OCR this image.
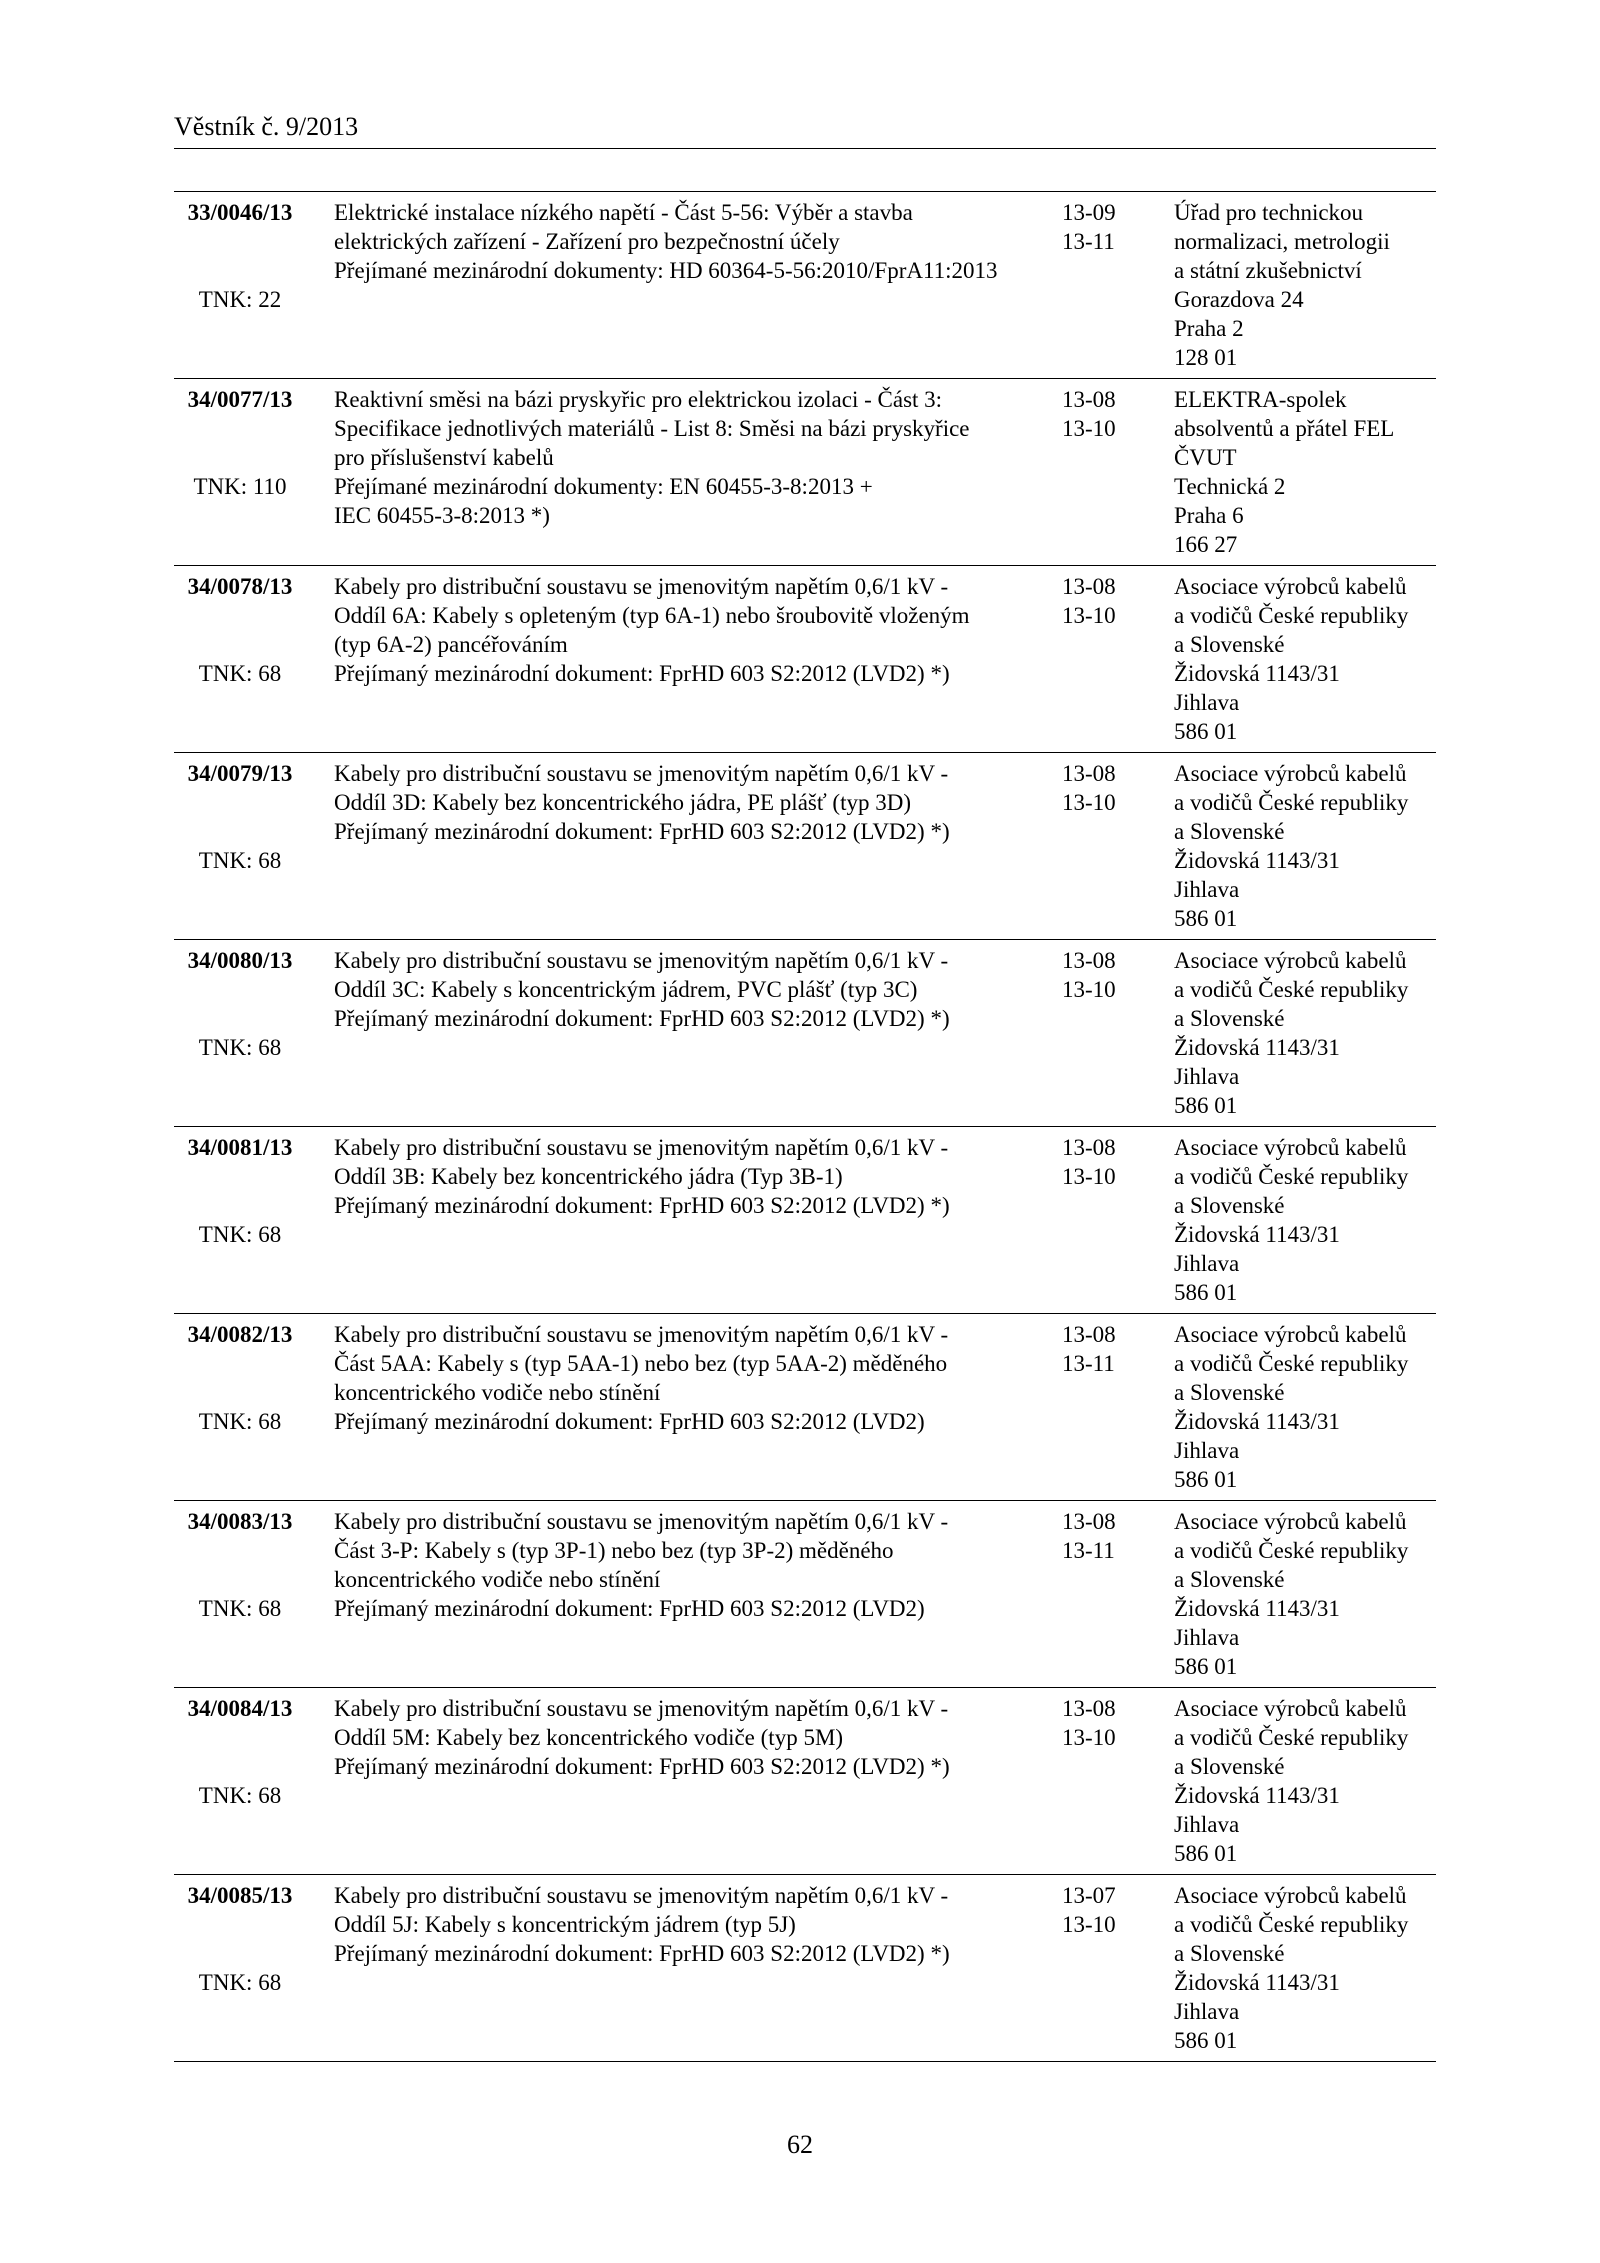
Věstník č. 9/2013
33/0046/13
TNK: 22
Elektrické instalace nízkého napětí - Část 5-56: Výběr a stavba
elektrických zařízení - Zařízení pro bezpečnostní účely
Přejímané mezinárodní dokumenty: HD 60364-5-56:2010/FprA11:2013
13-09
13-11
Úřad pro technickou
normalizaci, metrologii
a státní zkušebnictví
Gorazdova 24
Praha 2
128 01
34/0077/13
TNK: 110
Reaktivní směsi na bázi pryskyřic pro elektrickou izolaci - Část 3:
Specifikace jednotlivých materiálů - List 8: Směsi na bázi pryskyřice
pro příslušenství kabelů
Přejímané mezinárodní dokumenty: EN 60455-3-8:2013 +
IEC 60455-3-8:2013 *)
13-08
13-10
ELEKTRA-spolek
absolventů a přátel FEL
ČVUT
Technická 2
Praha 6
166 27
34/0078/13
TNK: 68
Kabely pro distribuční soustavu se jmenovitým napětím 0,6/1 kV -
Oddíl 6A: Kabely s opleteným (typ 6A-1) nebo šroubovitě vloženým
(typ 6A-2) pancéřováním
Přejímaný mezinárodní dokument: FprHD 603 S2:2012 (LVD2) *)
13-08
13-10
Asociace výrobců kabelů
a vodičů České republiky
a Slovenské
Židovská 1143/31
Jihlava
586 01
34/0079/13
TNK: 68
Kabely pro distribuční soustavu se jmenovitým napětím 0,6/1 kV -
Oddíl 3D: Kabely bez koncentrického jádra, PE plášť (typ 3D)
Přejímaný mezinárodní dokument: FprHD 603 S2:2012 (LVD2) *)
13-08
13-10
Asociace výrobců kabelů
a vodičů České republiky
a Slovenské
Židovská 1143/31
Jihlava
586 01
34/0080/13
TNK: 68
Kabely pro distribuční soustavu se jmenovitým napětím 0,6/1 kV -
Oddíl 3C: Kabely s koncentrickým jádrem, PVC plášť (typ 3C)
Přejímaný mezinárodní dokument: FprHD 603 S2:2012 (LVD2) *)
13-08
13-10
Asociace výrobců kabelů
a vodičů České republiky
a Slovenské
Židovská 1143/31
Jihlava
586 01
34/0081/13
TNK: 68
Kabely pro distribuční soustavu se jmenovitým napětím 0,6/1 kV -
Oddíl 3B: Kabely bez koncentrického jádra (Typ 3B-1)
Přejímaný mezinárodní dokument: FprHD 603 S2:2012 (LVD2) *)
13-08
13-10
Asociace výrobců kabelů
a vodičů České republiky
a Slovenské
Židovská 1143/31
Jihlava
586 01
34/0082/13
TNK: 68
Kabely pro distribuční soustavu se jmenovitým napětím 0,6/1 kV -
Část 5AA: Kabely s (typ 5AA-1) nebo bez (typ 5AA-2) měděného
koncentrického vodiče nebo stínění
Přejímaný mezinárodní dokument: FprHD 603 S2:2012 (LVD2)
13-08
13-11
Asociace výrobců kabelů
a vodičů České republiky
a Slovenské
Židovská 1143/31
Jihlava
586 01
34/0083/13
TNK: 68
Kabely pro distribuční soustavu se jmenovitým napětím 0,6/1 kV -
Část 3-P: Kabely s (typ 3P-1) nebo bez (typ 3P-2) měděného
koncentrického vodiče nebo stínění
Přejímaný mezinárodní dokument: FprHD 603 S2:2012 (LVD2)
13-08
13-11
Asociace výrobců kabelů
a vodičů České republiky
a Slovenské
Židovská 1143/31
Jihlava
586 01
34/0084/13
TNK: 68
Kabely pro distribuční soustavu se jmenovitým napětím 0,6/1 kV -
Oddíl 5M: Kabely bez koncentrického vodiče (typ 5M)
Přejímaný mezinárodní dokument: FprHD 603 S2:2012 (LVD2) *)
13-08
13-10
Asociace výrobců kabelů
a vodičů České republiky
a Slovenské
Židovská 1143/31
Jihlava
586 01
34/0085/13
TNK: 68
Kabely pro distribuční soustavu se jmenovitým napětím 0,6/1 kV -
Oddíl 5J: Kabely s koncentrickým jádrem (typ 5J)
Přejímaný mezinárodní dokument: FprHD 603 S2:2012 (LVD2) *)
13-07
13-10
Asociace výrobců kabelů
a vodičů České republiky
a Slovenské
Židovská 1143/31
Jihlava
586 01
62
